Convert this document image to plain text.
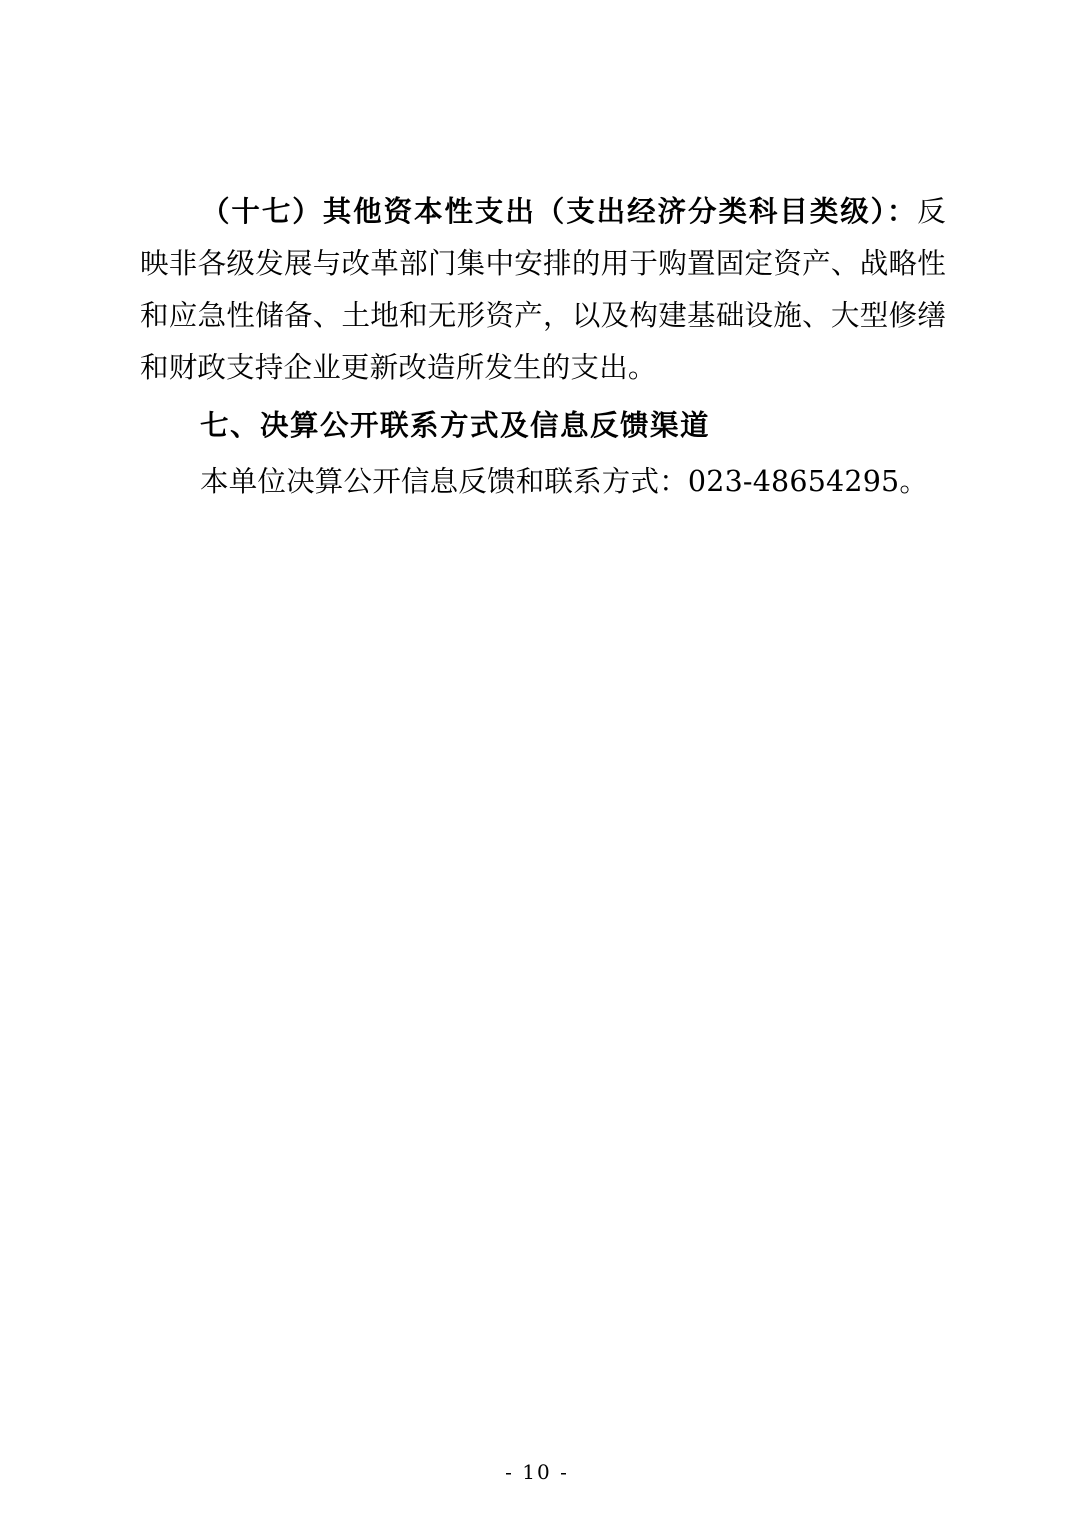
（十七）其他资本性支出（支出经济分类科目类级）：反映非各级发展与改革部门集中安排的用于购置固定资产、战略性和应急性储备、土地和无形资产，以及构建基础设施、大型修缮和财政支持企业更新改造所发生的支出。

七、决算公开联系方式及信息反馈渠道

本单位决算公开信息反馈和联系方式：023-48654295。

- 10 -
